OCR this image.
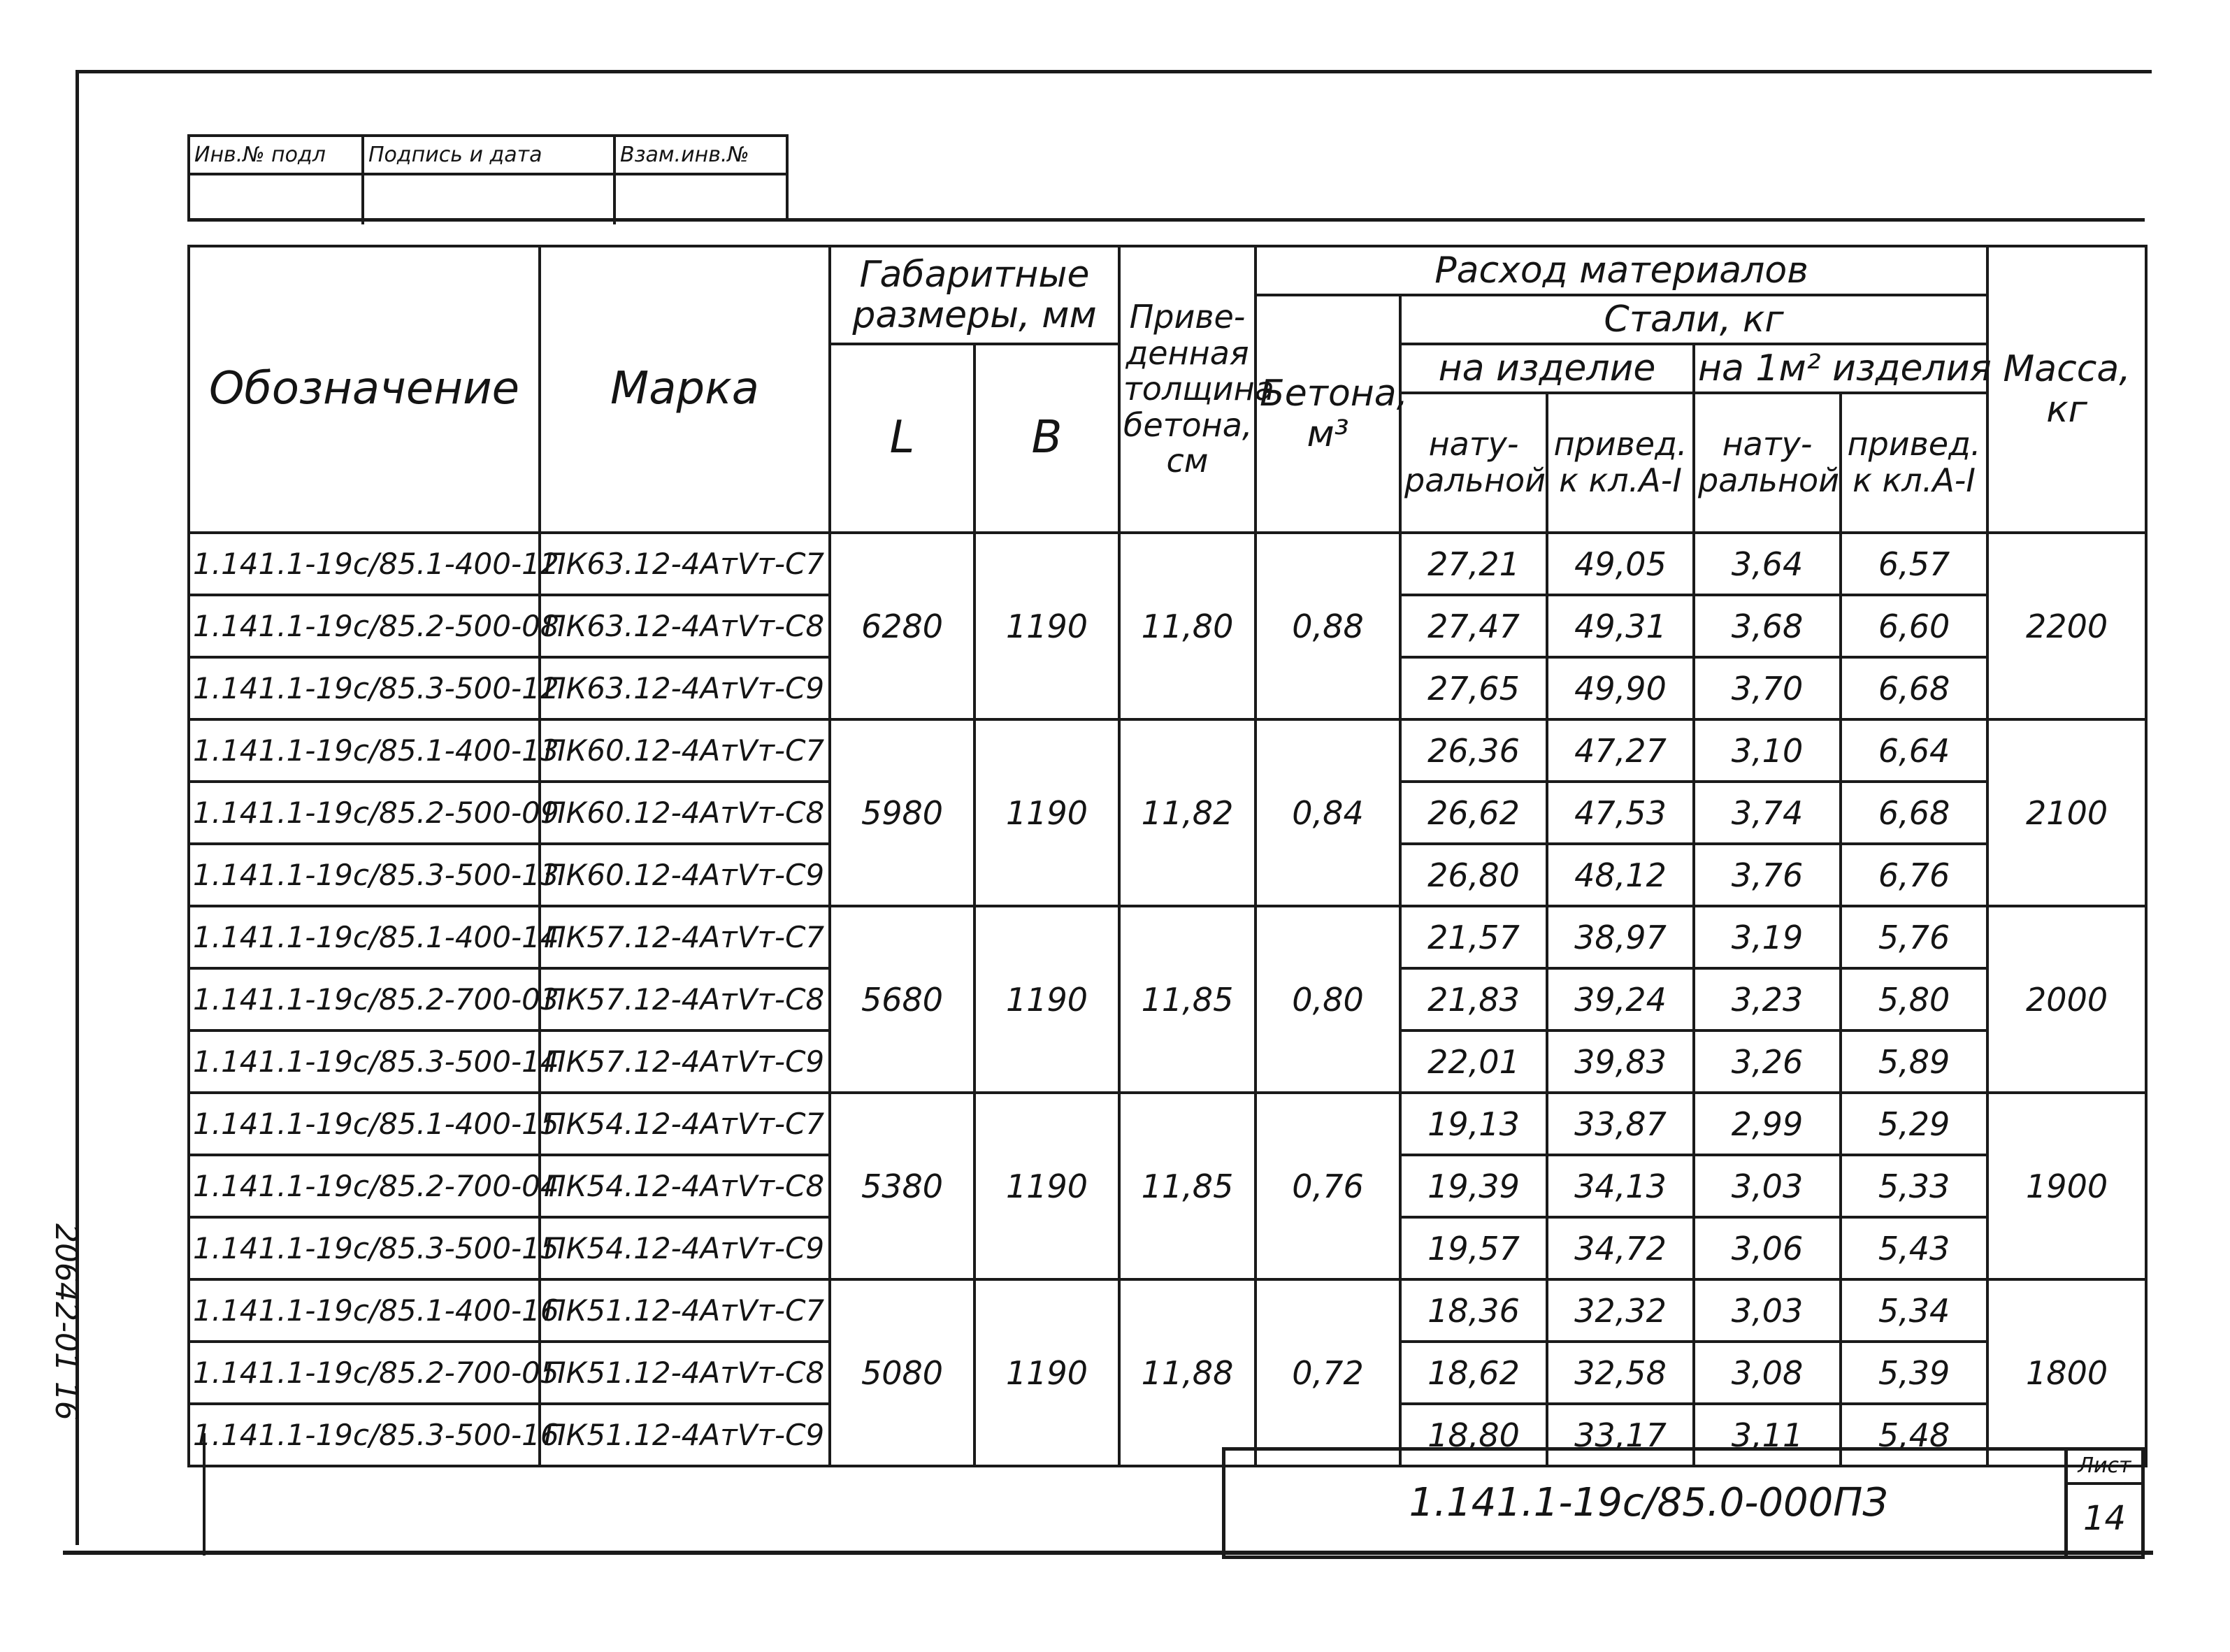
20642-01 16
Инв.№ подл	Подпись и дата	Взам.инв.№
Обозначение	Марка	Габаритные размеры, мм		Приве-денная толщина бетона, см	Расход материалов					Масса, кг
					Бетона, м³	Стали, кг				
		L	B			на изделие		на 1м² изделия		
						нату-ральной	привед. к кл.А-I	нату-ральной	привед. к кл.А-I	
1.141.1-19с/85.1-400-12	ПК63.12-4АтⅤт-С7	6280	1190	11,80	0,88	27,21	49,05	3,64	6,57	2200
1.141.1-19с/85.2-500-08	ПК63.12-4АтⅤт-С8					27,47	49,31	3,68	6,60	
1.141.1-19с/85.3-500-12	ПК63.12-4АтⅤт-С9					27,65	49,90	3,70	6,68	
1.141.1-19с/85.1-400-13	ПК60.12-4АтⅤт-С7	5980	1190	11,82	0,84	26,36	47,27	3,10	6,64	2100
1.141.1-19с/85.2-500-09	ПК60.12-4АтⅤт-С8					26,62	47,53	3,74	6,68	
1.141.1-19с/85.3-500-13	ПК60.12-4АтⅤт-С9					26,80	48,12	3,76	6,76	
1.141.1-19с/85.1-400-14	ПК57.12-4АтⅤт-С7	5680	1190	11,85	0,80	21,57	38,97	3,19	5,76	2000
1.141.1-19с/85.2-700-03	ПК57.12-4АтⅤт-С8					21,83	39,24	3,23	5,80	
1.141.1-19с/85.3-500-14	ПК57.12-4АтⅤт-С9					22,01	39,83	3,26	5,89	
1.141.1-19с/85.1-400-15	ПК54.12-4АтⅤт-С7	5380	1190	11,85	0,76	19,13	33,87	2,99	5,29	1900
1.141.1-19с/85.2-700-04	ПК54.12-4АтⅤт-С8					19,39	34,13	3,03	5,33	
1.141.1-19с/85.3-500-15	ПК54.12-4АтⅤт-С9					19,57	34,72	3,06	5,43	
1.141.1-19с/85.1-400-16	ПК51.12-4АтⅤт-С7	5080	1190	11,88	0,72	18,36	32,32	3,03	5,34	1800
1.141.1-19с/85.2-700-05	ПК51.12-4АтⅤт-С8					18,62	32,58	3,08	5,39	
1.141.1-19с/85.3-500-16	ПК51.12-4АтⅤт-С9					18,80	33,17	3,11	5,48	
1.141.1-19с/85.0-000ПЗ
Лист
14
